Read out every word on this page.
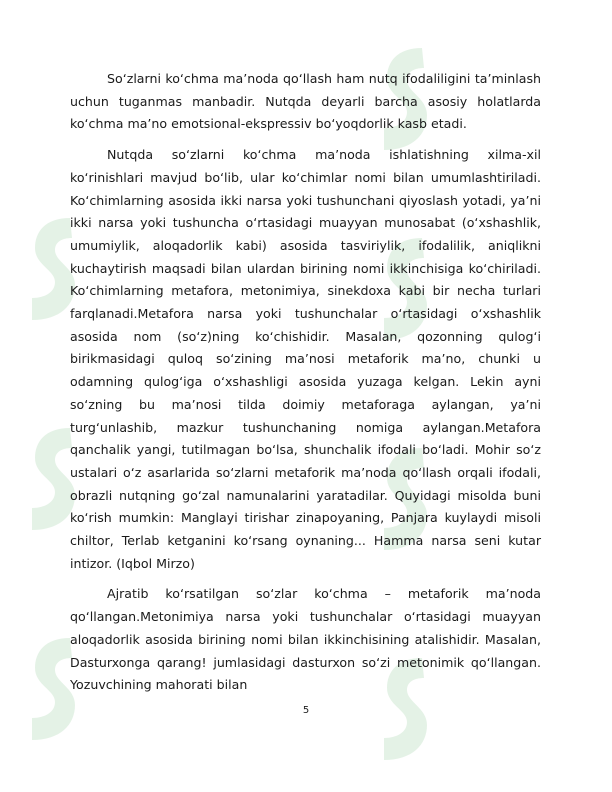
So‘zlarni ko‘chma ma’noda qo‘llash ham nutq ifodaliligini ta’minlash uchun tuganmas manbadir. Nutqda deyarli barcha asosiy holatlarda ko‘chma ma’no emotsional-ekspressiv bo‘yoqdorlik kasb etadi.

Nutqda so‘zlarni ko‘chma ma’noda ishlatishning xilma-xil ko‘rinishlari mavjud bo‘lib, ular ko‘chimlar nomi bilan umumlashtiriladi. Ko‘chimlarning asosida ikki narsa yoki tushunchani qiyoslash yotadi, ya’ni ikki narsa yoki tushuncha o‘rtasidagi muayyan munosabat (o‘xshashlik, umumiylik, aloqadorlik kabi) asosida tasviriylik, ifodalilik, aniqlikni kuchaytirish maqsadi bilan ulardan birining nomi ikkinchisiga ko‘chiriladi. Ko‘chimlarning metafora, metonimiya, sinekdoxa kabi bir necha turlari farqlanadi.Metafora narsa yoki tushunchalar o‘rtasidagi o‘xshashlik asosida nom (so‘z)ning ko‘chishidir. Masalan, qozonning qulog‘i birikmasidagi quloq so‘zining ma’nosi metaforik ma’no, chunki u odamning qulog‘iga o‘xshashligi asosida yuzaga kelgan. Lekin ayni so‘zning bu ma’nosi tilda doimiy metaforaga aylangan, ya’ni turg‘unlashib, mazkur tushunchaning nomiga aylangan.Metafora qanchalik yangi, tutilmagan bo‘lsa, shunchalik ifodali bo‘ladi. Mohir so‘z ustalari o‘z asarlarida so‘zlarni metaforik ma’noda qo‘llash orqali ifodali, obrazli nutqning go‘zal namunalarini yaratadilar. Quyidagi misolda buni ko‘rish mumkin: Manglayi tirishar zinapoyaning, Panjara kuylaydi misoli chiltor, Terlab ketganini ko‘rsang oynaning... Hamma narsa seni kutar intizor. (Iqbol Mirzo)

Ajratib ko‘rsatilgan so‘zlar ko‘chma – metaforik ma’noda qo‘llangan.Metonimiya narsa yoki tushunchalar o‘rtasidagi muayyan aloqadorlik asosida birining nomi bilan ikkinchisining atalishidir. Masalan, Dasturxonga qarang! jumlasidagi dasturxon so‘zi metonimik qo‘llangan. Yozuvchining mahorati bilan

5
